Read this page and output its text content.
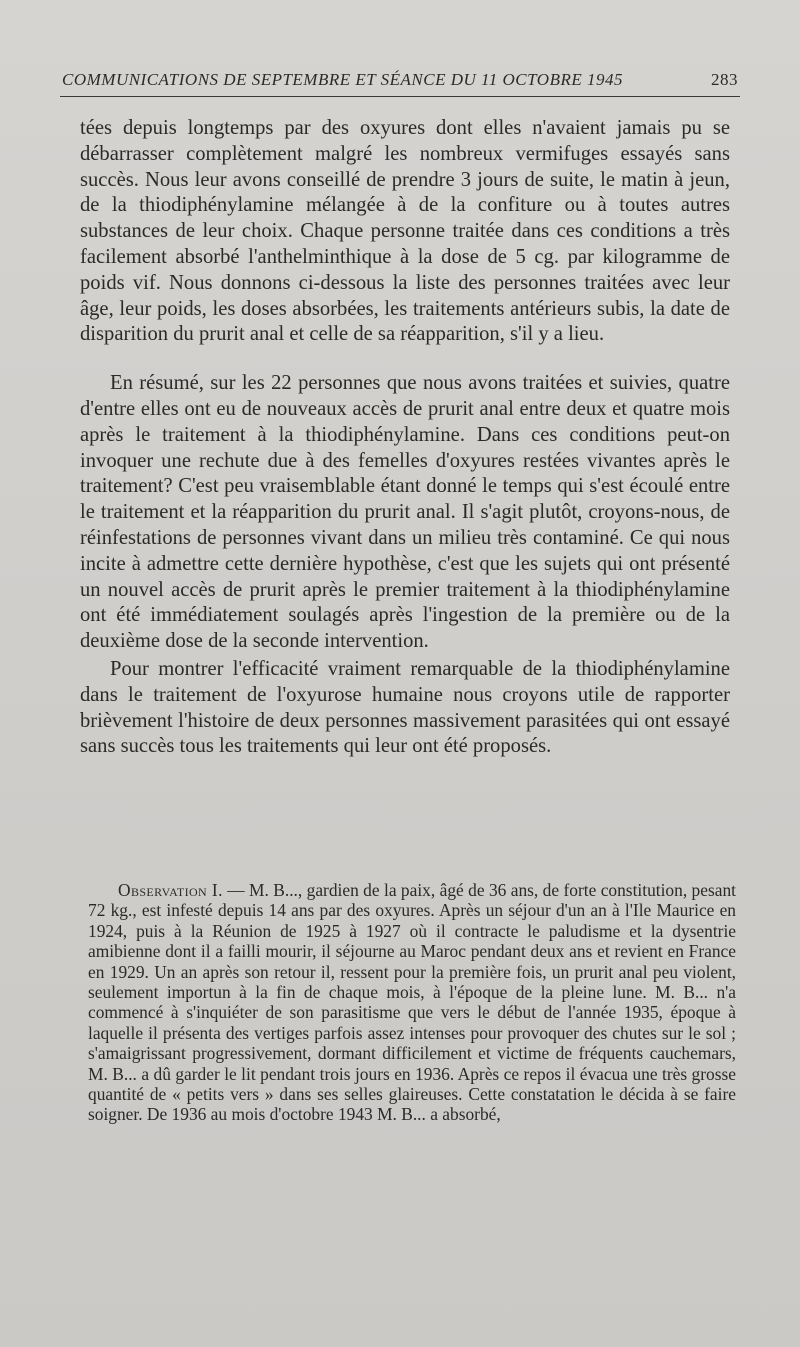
COMMUNICATIONS DE SEPTEMBRE ET SÉANCE DU 11 OCTOBRE 1945	283

tées depuis longtemps par des oxyures dont elles n'avaient jamais pu se débarrasser complètement malgré les nombreux vermifuges essayés sans succès. Nous leur avons conseillé de prendre 3 jours de suite, le matin à jeun, de la thiodiphénylamine mélangée à de la confiture ou à toutes autres substances de leur choix. Chaque personne traitée dans ces conditions a très facilement absorbé l'anthelminthique à la dose de 5 cg. par kilogramme de poids vif. Nous donnons ci-dessous la liste des personnes traitées avec leur âge, leur poids, les doses absorbées, les traitements antérieurs subis, la date de disparition du prurit anal et celle de sa réapparition, s'il y a lieu.

En résumé, sur les 22 personnes que nous avons traitées et suivies, quatre d'entre elles ont eu de nouveaux accès de prurit anal entre deux et quatre mois après le traitement à la thiodiphénylamine. Dans ces conditions peut-on invoquer une rechute due à des femelles d'oxyures restées vivantes après le traitement? C'est peu vraisemblable étant donné le temps qui s'est écoulé entre le traitement et la réapparition du prurit anal. Il s'agit plutôt, croyons-nous, de réinfestations de personnes vivant dans un milieu très contaminé. Ce qui nous incite à admettre cette dernière hypothèse, c'est que les sujets qui ont présenté un nouvel accès de prurit après le premier traitement à la thiodiphénylamine ont été immédiatement soulagés après l'ingestion de la première ou de la deuxième dose de la seconde intervention.

Pour montrer l'efficacité vraiment remarquable de la thiodiphénylamine dans le traitement de l'oxyurose humaine nous croyons utile de rapporter brièvement l'histoire de deux personnes massivement parasitées qui ont essayé sans succès tous les traitements qui leur ont été proposés.

Observation I. — M. B..., gardien de la paix, âgé de 36 ans, de forte constitution, pesant 72 kg., est infesté depuis 14 ans par des oxyures. Après un séjour d'un an à l'Ile Maurice en 1924, puis à la Réunion de 1925 à 1927 où il contracte le paludisme et la dysentrie amibienne dont il a failli mourir, il séjourne au Maroc pendant deux ans et revient en France en 1929. Un an après son retour il, ressent pour la première fois, un prurit anal peu violent, seulement importun à la fin de chaque mois, à l'époque de la pleine lune. M. B... n'a commencé à s'inquiéter de son parasitisme que vers le début de l'année 1935, époque à laquelle il présenta des vertiges parfois assez intenses pour provoquer des chutes sur le sol ; s'amaigrissant progressivement, dormant difficilement et victime de fréquents cauchemars, M. B... a dû garder le lit pendant trois jours en 1936. Après ce repos il évacua une très grosse quantité de « petits vers » dans ses selles glaireuses. Cette constatation le décida à se faire soigner. De 1936 au mois d'octobre 1943 M. B... a absorbé,
